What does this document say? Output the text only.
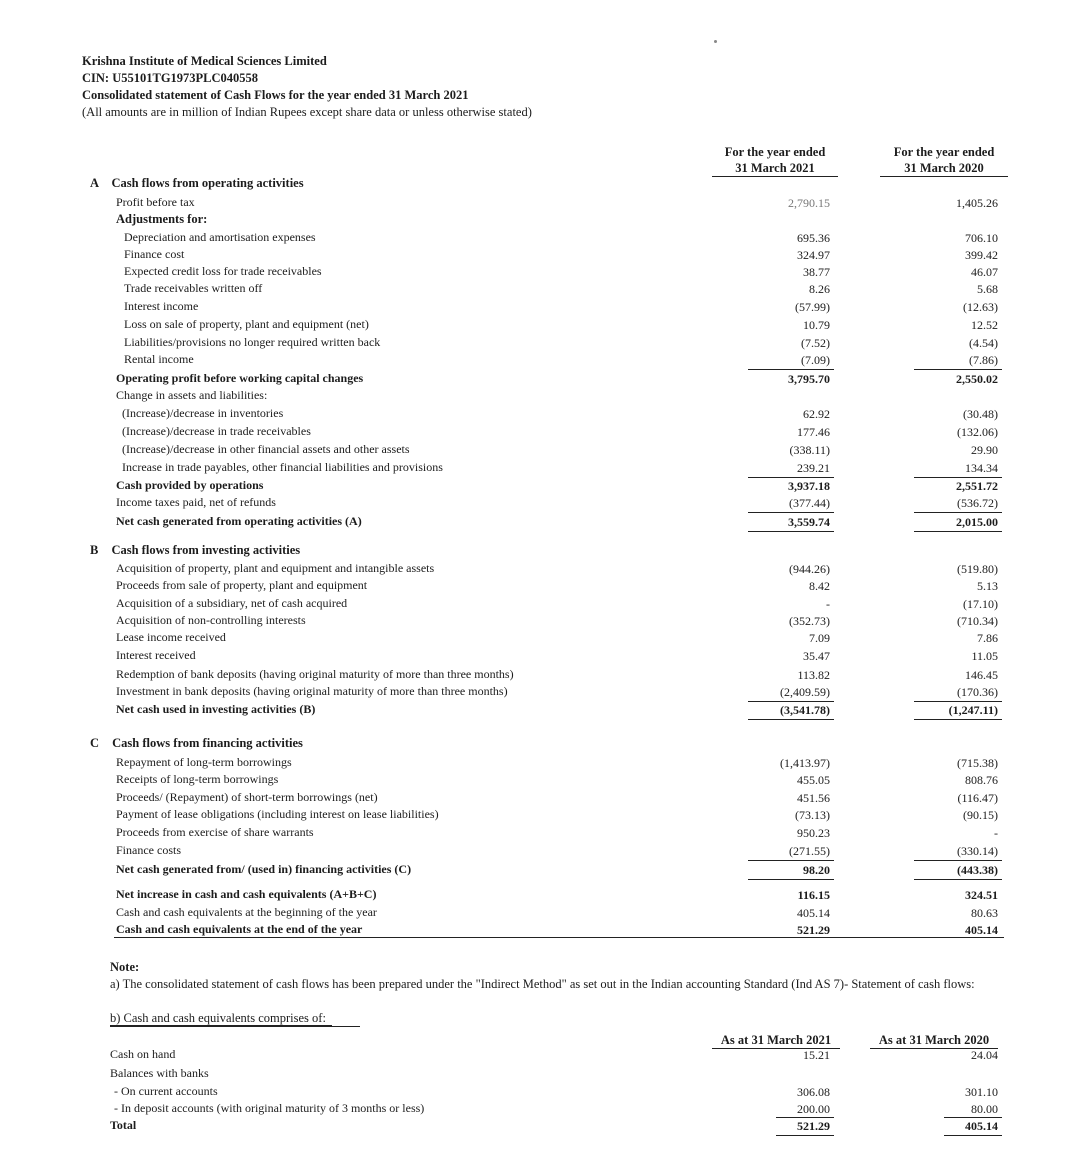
Krishna Institute of Medical Sciences Limited
CIN: U55101TG1973PLC040558
Consolidated statement of Cash Flows for the year ended 31 March 2021
(All amounts are in million of Indian Rupees except share data or unless otherwise stated)
For the year ended
31 March 2021
For the year ended
31 March 2020
A Cash flows from operating activities
Profit before tax	2,790.15	1,405.26
Adjustments for:
Depreciation and amortisation expenses	695.36	706.10
Finance cost	324.97	399.42
Expected credit loss for trade receivables	38.77	46.07
Trade receivables written off	8.26	5.68
Interest income	(57.99)	(12.63)
Loss on sale of property, plant and equipment (net)	10.79	12.52
Liabilities/provisions no longer required written back	(7.52)	(4.54)
Rental income	(7.09)	(7.86)
Operating profit before working capital changes	3,795.70	2,550.02
Change in assets and liabilities:
(Increase)/decrease in inventories	62.92	(30.48)
(Increase)/decrease in trade receivables	177.46	(132.06)
(Increase)/decrease in other financial assets and other assets	(338.11)	29.90
Increase in trade payables, other financial liabilities and provisions	239.21	134.34
Cash provided by operations	3,937.18	2,551.72
Income taxes paid, net of refunds	(377.44)	(536.72)
Net cash generated from operating activities (A)	3,559.74	2,015.00
B Cash flows from investing activities
Acquisition of property, plant and equipment and intangible assets	(944.26)	(519.80)
Proceeds from sale of property, plant and equipment	8.42	5.13
Acquisition of a subsidiary, net of cash acquired	-	(17.10)
Acquisition of non-controlling interests	(352.73)	(710.34)
Lease income received	7.09	7.86
Interest received	35.47	11.05
Redemption of bank deposits (having original maturity of more than three months)	113.82	146.45
Investment in bank deposits (having original maturity of more than three months)	(2,409.59)	(170.36)
Net cash used in investing activities (B)	(3,541.78)	(1,247.11)
C Cash flows from financing activities
Repayment of long-term borrowings	(1,413.97)	(715.38)
Receipts of long-term borrowings	455.05	808.76
Proceeds/ (Repayment) of short-term borrowings (net)	451.56	(116.47)
Payment of lease obligations (including interest on lease liabilities)	(73.13)	(90.15)
Proceeds from exercise of share warrants	950.23	-
Finance costs	(271.55)	(330.14)
Net cash generated from/ (used in) financing activities (C)	98.20	(443.38)
Net increase in cash and cash equivalents (A+B+C)	116.15	324.51
Cash and cash equivalents at the beginning of the year	405.14	80.63
Cash and cash equivalents at the end of the year	521.29	405.14
Note:
a) The consolidated statement of cash flows has been prepared under the "Indirect Method" as set out in the Indian accounting Standard (Ind AS 7)- Statement of cash flows:
b) Cash and cash equivalents comprises of:
As at 31 March 2021	As at 31 March 2020
Cash on hand	15.21	24.04
Balances with banks
- On current accounts	306.08	301.10
- In deposit accounts (with original maturity of 3 months or less)	200.00	80.00
Total	521.29	405.14
